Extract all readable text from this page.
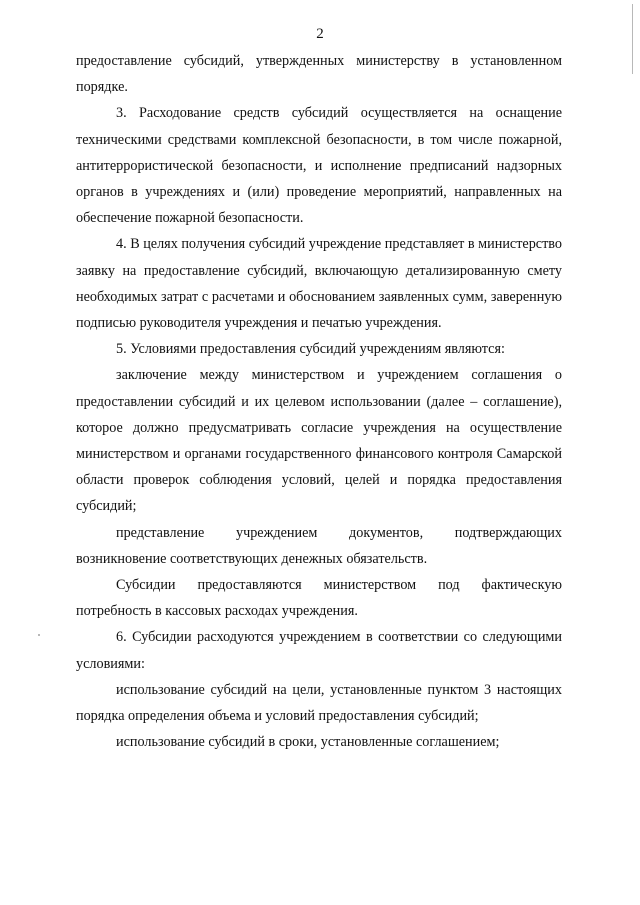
2

предоставление субсидий, утвержденных министерству в установленном порядке.

3. Расходование средств субсидий осуществляется на оснащение техническими средствами комплексной безопасности, в том числе пожарной, антитеррористической безопасности, и исполнение предписаний надзорных органов в учреждениях и (или) проведение мероприятий, направленных на обеспечение пожарной безопасности.

4. В целях получения субсидий учреждение представляет в министерство заявку на предоставление субсидий, включающую детализированную смету необходимых затрат с расчетами и обоснованием заявленных сумм, заверенную подписью руководителя учреждения и печатью учреждения.

5. Условиями предоставления субсидий учреждениям являются:

заключение между министерством и учреждением соглашения о предоставлении субсидий и их целевом использовании (далее – соглашение), которое должно предусматривать согласие учреждения на осуществление министерством и органами государственного финансового контроля Самарской области проверок соблюдения условий, целей и порядка предоставления субсидий;

представление учреждением документов, подтверждающих возникновение соответствующих денежных обязательств.

Субсидии предоставляются министерством под фактическую потребность в кассовых расходах учреждения.

6. Субсидии расходуются учреждением в соответствии со следующими условиями:

использование субсидий на цели, установленные пунктом 3 настоящих порядка определения объема и условий предоставления субсидий;

использование субсидий в сроки, установленные соглашением;
